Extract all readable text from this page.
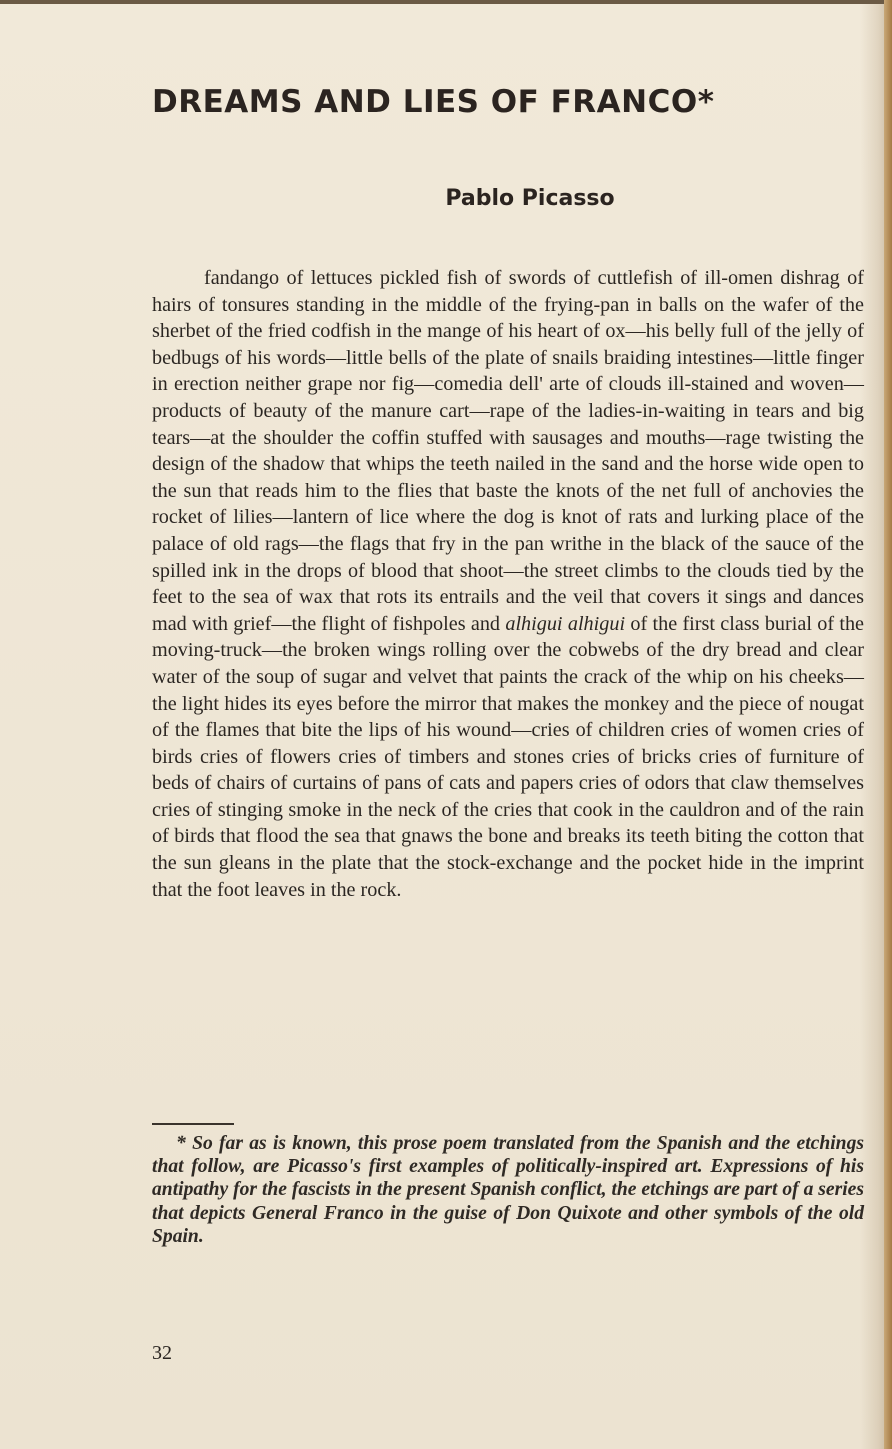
DREAMS AND LIES OF FRANCO*
Pablo Picasso

fandango of lettuces pickled fish of swords of cuttlefish of ill-omen dishrag of hairs of tonsures standing in the middle of the frying-pan in balls on the wafer of the sherbet of the fried codfish in the mange of his heart of ox—his belly full of the jelly of bedbugs of his words—little bells of the plate of snails braiding intestines—little finger in erection neither grape nor fig—comedia dell' arte of clouds ill-stained and woven—products of beauty of the manure cart—rape of the ladies-in-waiting in tears and big tears—at the shoulder the coffin stuffed with sausages and mouths—rage twisting the design of the shadow that whips the teeth nailed in the sand and the horse wide open to the sun that reads him to the flies that baste the knots of the net full of anchovies the rocket of lilies—lantern of lice where the dog is knot of rats and lurking place of the palace of old rags—the flags that fry in the pan writhe in the black of the sauce of the spilled ink in the drops of blood that shoot—the street climbs to the clouds tied by the feet to the sea of wax that rots its entrails and the veil that covers it sings and dances mad with grief—the flight of fishpoles and alhigui alhigui of the first class burial of the moving-truck—the broken wings rolling over the cobwebs of the dry bread and clear water of the soup of sugar and velvet that paints the crack of the whip on his cheeks—the light hides its eyes before the mirror that makes the monkey and the piece of nougat of the flames that bite the lips of his wound—cries of children cries of women cries of birds cries of flowers cries of timbers and stones cries of bricks cries of furniture of beds of chairs of curtains of pans of cats and papers cries of odors that claw themselves cries of stinging smoke in the neck of the cries that cook in the cauldron and of the rain of birds that flood the sea that gnaws the bone and breaks its teeth biting the cotton that the sun gleans in the plate that the stock-exchange and the pocket hide in the imprint that the foot leaves in the rock.

* So far as is known, this prose poem translated from the Spanish and the etchings that follow, are Picasso's first examples of politically-inspired art. Expressions of his antipathy for the fascists in the present Spanish conflict, the etchings are part of a series that depicts General Franco in the guise of Don Quixote and other symbols of the old Spain.

32
